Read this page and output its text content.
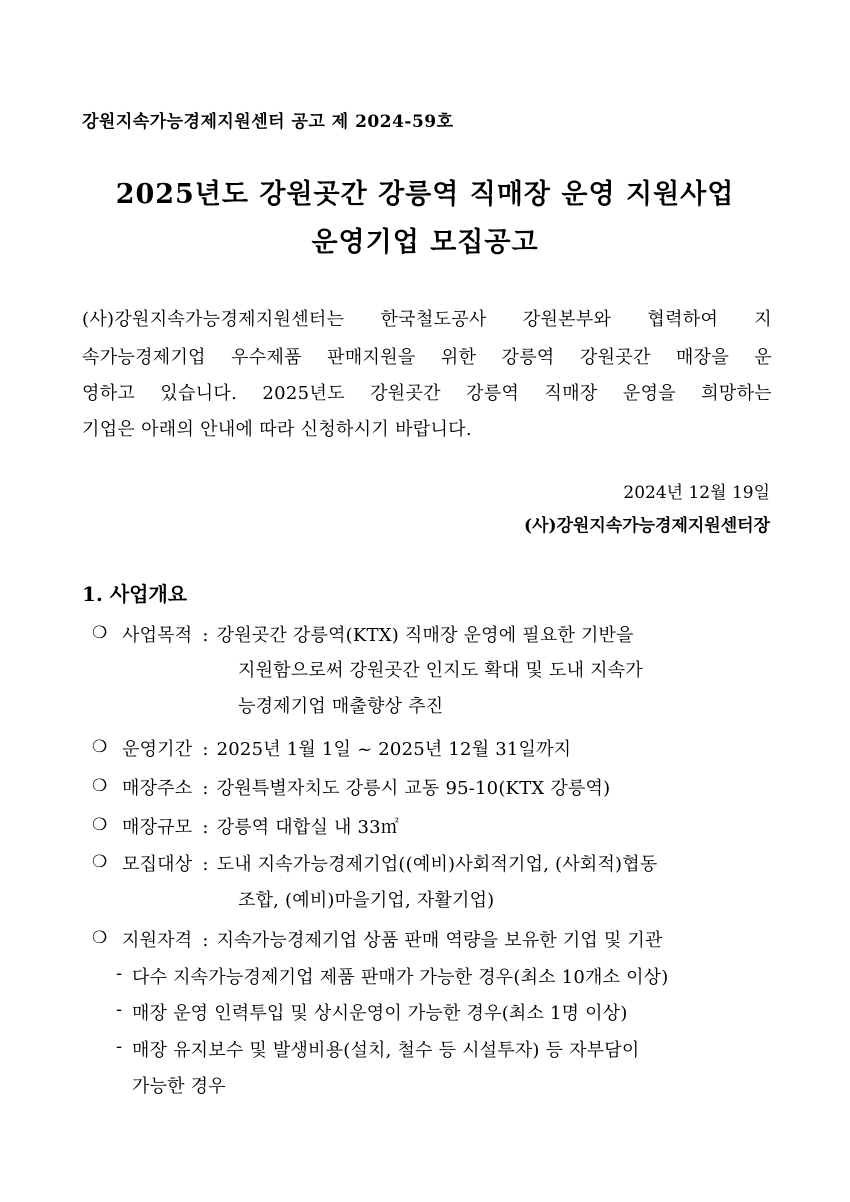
강원지속가능경제지원센터 공고 제 2024-59호
2025년도 강원곳간 강릉역 직매장 운영 지원사업
운영기업 모집공고
(사)강원지속가능경제지원센터는 한국철도공사 강원본부와 협력하여 지
속가능경제기업 우수제품 판매지원을 위한 강릉역 강원곳간 매장을 운
영하고 있습니다. 2025년도 강원곳간 강릉역 직매장 운영을 희망하는
기업은 아래의 안내에 따라 신청하시기 바랍니다.
2024년 12월 19일
(사)강원지속가능경제지원센터장
1. 사업개요
❍ 사업목적 : 강원곳간 강릉역(KTX) 직매장 운영에 필요한 기반을
지원함으로써 강원곳간 인지도 확대 및 도내 지속가
능경제기업 매출향상 추진
❍ 운영기간 : 2025년 1월 1일 ~ 2025년 12월 31일까지
❍ 매장주소 : 강원특별자치도 강릉시 교동 95-10(KTX 강릉역)
❍ 매장규모 : 강릉역 대합실 내 33㎡
❍ 모집대상 : 도내 지속가능경제기업((예비)사회적기업, (사회적)협동
조합, (예비)마을기업, 자활기업)
❍ 지원자격 : 지속가능경제기업 상품 판매 역량을 보유한 기업 및 기관
- 다수 지속가능경제기업 제품 판매가 가능한 경우(최소 10개소 이상)
- 매장 운영 인력투입 및 상시운영이 가능한 경우(최소 1명 이상)
- 매장 유지보수 및 발생비용(설치, 철수 등 시설투자) 등 자부담이
가능한 경우
